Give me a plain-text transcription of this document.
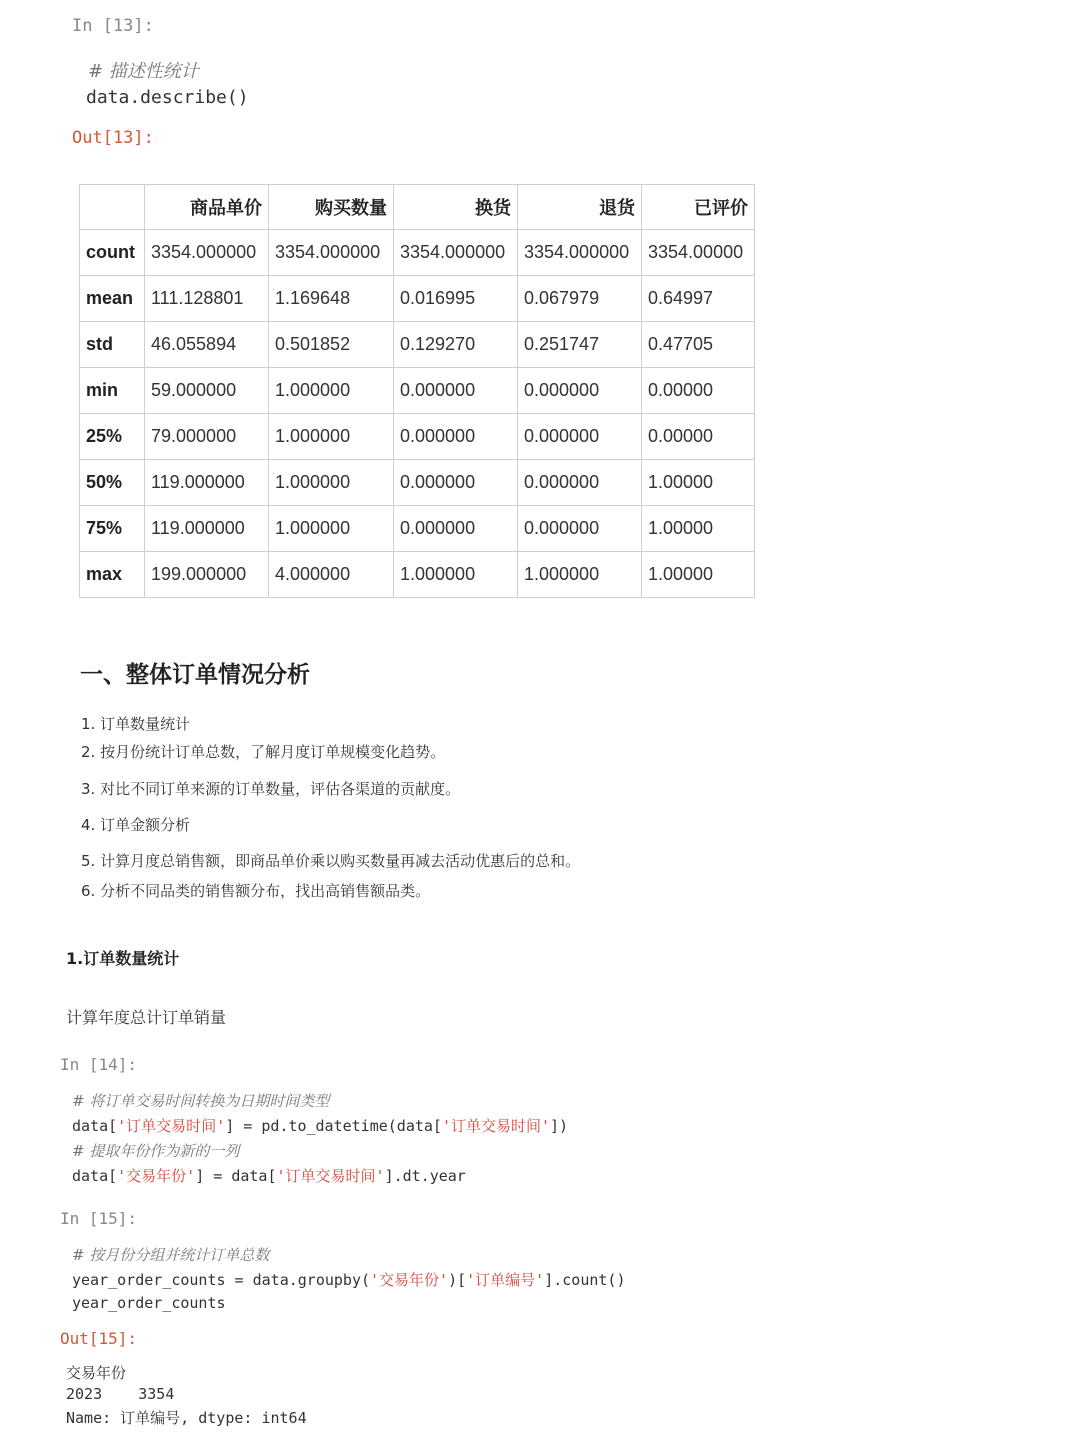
In [13]:
# 描述性统计
data.describe()
Out[13]:
	商品单价	购买数量	换货	退货	已评价
count	3354.000000	3354.000000	3354.000000	3354.000000	3354.00000
mean	111.128801	1.169648	0.016995	0.067979	0.64997
std	46.055894	0.501852	0.129270	0.251747	0.47705
min	59.000000	1.000000	0.000000	0.000000	0.00000
25%	79.000000	1.000000	0.000000	0.000000	0.00000
50%	119.000000	1.000000	0.000000	0.000000	1.00000
75%	119.000000	1.000000	0.000000	0.000000	1.00000
max	199.000000	4.000000	1.000000	1.000000	1.00000
一、整体订单情况分析
1. 订单数量统计
2. 按月份统计订单总数，了解月度订单规模变化趋势。
3. 对比不同订单来源的订单数量，评估各渠道的贡献度。
4. 订单金额分析
5. 计算月度总销售额，即商品单价乘以购买数量再减去活动优惠后的总和。
6. 分析不同品类的销售额分布，找出高销售额品类。
1.订单数量统计
计算年度总计订单销量
In [14]:
# 将订单交易时间转换为日期时间类型
data['订单交易时间'] = pd.to_datetime(data['订单交易时间'])
# 提取年份作为新的一列
data['交易年份'] = data['订单交易时间'].dt.year
In [15]:
# 按月份分组并统计订单总数
year_order_counts = data.groupby('交易年份')['订单编号'].count()
year_order_counts
Out[15]:
交易年份
2023    3354
Name: 订单编号, dtype: int64
